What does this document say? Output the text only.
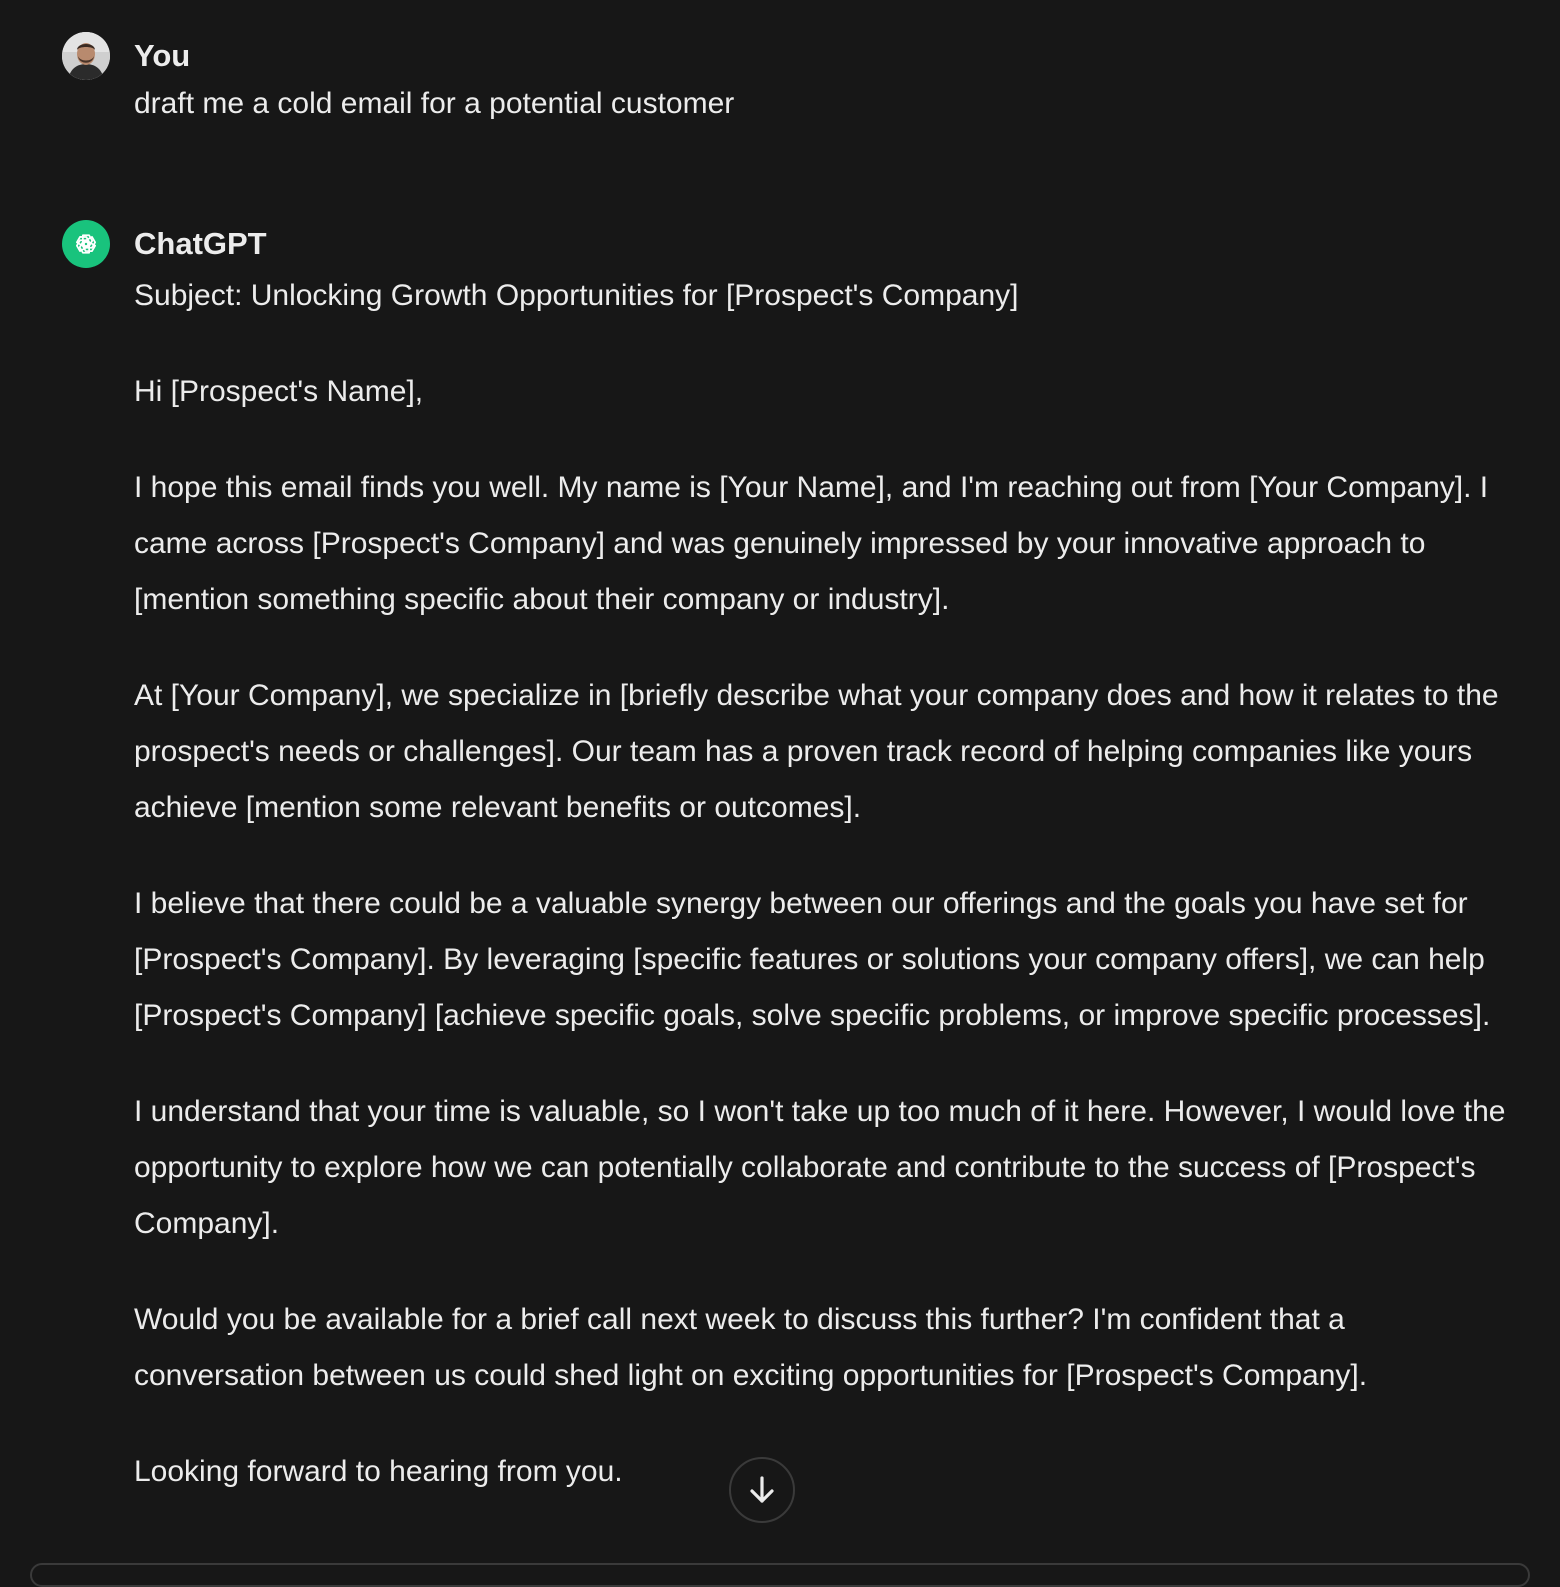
You
draft me a cold email for a potential customer
ChatGPT

Subject: Unlocking Growth Opportunities for [Prospect's Company]

Hi [Prospect's Name],

I hope this email finds you well. My name is [Your Name], and I'm reaching out from [Your Company]. I came across [Prospect's Company] and was genuinely impressed by your innovative approach to [mention something specific about their company or industry].

At [Your Company], we specialize in [briefly describe what your company does and how it relates to the prospect's needs or challenges]. Our team has a proven track record of helping companies like yours achieve [mention some relevant benefits or outcomes].

I believe that there could be a valuable synergy between our offerings and the goals you have set for [Prospect's Company]. By leveraging [specific features or solutions your company offers], we can help [Prospect's Company] [achieve specific goals, solve specific problems, or improve specific processes].

I understand that your time is valuable, so I won't take up too much of it here. However, I would love the opportunity to explore how we can potentially collaborate and contribute to the success of [Prospect's Company].

Would you be available for a brief call next week to discuss this further? I'm confident that a conversation between us could shed light on exciting opportunities for [Prospect's Company].

Looking forward to hearing from you.
